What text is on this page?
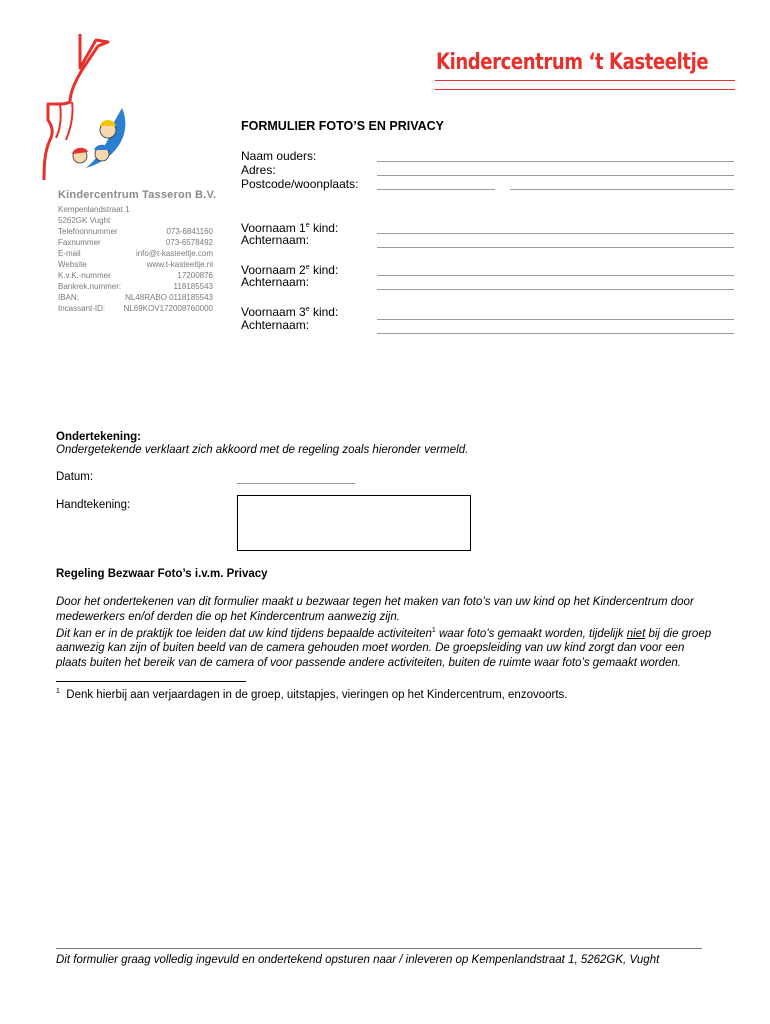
Kindercentrum ‘t Kasteeltje
FORMULIER FOTO’S EN PRIVACY
Naam ouders:
Adres:
Postcode/woonplaats:
Kindercentrum Tasseron B.V.
Kempenlandstraat 1
5262GK Vught
Telefoonnummer	073-6841160
Faxnummer	073-6578492
E-mail	info@t-kasteeltje.com
Website	www.t-kasteeltje.nl
K.v.K.-nummer	17200876
Bankrek.nummer:	118185543
IBAN:	NL48RABO 0118185543
Incassant-ID: NL69KOV172008760000
Voornaam 1e kind:
Achternaam:
Voornaam 2e kind:
Achternaam:
Voornaam 3e kind:
Achternaam:
Ondertekening:
Ondergetekende verklaart zich akkoord met de regeling zoals hieronder vermeld.
Datum:
Handtekening:
Regeling Bezwaar Foto’s i.v.m. Privacy
Door het ondertekenen van dit formulier maakt u bezwaar tegen het maken van foto’s van uw kind op het Kindercentrum door medewerkers en/of derden die op het Kindercentrum aanwezig zijn.
Dit kan er in de praktijk toe leiden dat uw kind tijdens bepaalde activiteiten$^1$ waar foto’s gemaakt worden, tijdelijk niet bij die groep aanwezig kan zijn of buiten beeld van de camera gehouden moet worden. De groepsleiding van uw kind zorgt dan voor een plaats buiten het bereik van de camera of voor passende andere activiteiten, buiten de ruimte waar foto’s gemaakt worden.
$^1$ Denk hierbij aan verjaardagen in de groep, uitstapjes, vieringen op het Kindercentrum, enzovoorts.
Dit formulier graag volledig ingevuld en ondertekend opsturen naar / inleveren op Kempenlandstraat 1, 5262GK, Vught
